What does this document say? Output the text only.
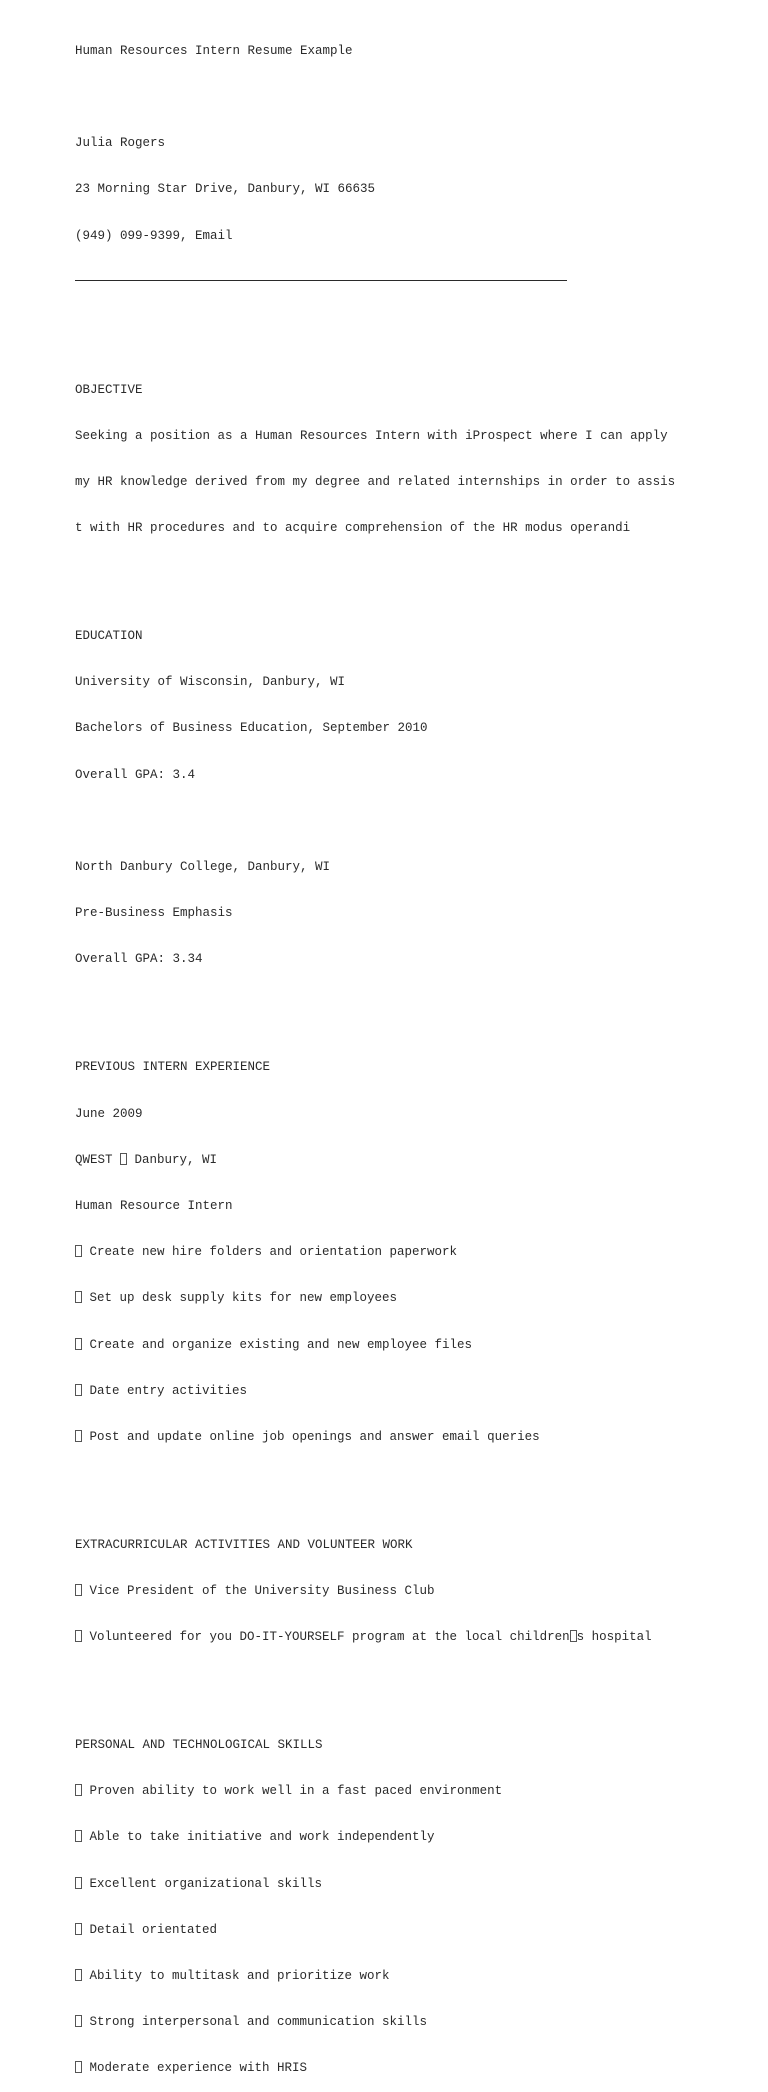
Human Resources Intern Resume Example

Julia Rogers

23 Morning Star Drive, Danbury, WI 66635

(949) 099-9399, Email

OBJECTIVE

Seeking a position as a Human Resources Intern with iProspect where I can apply

my HR knowledge derived from my degree and related internships in order to assis

t with HR procedures and to acquire comprehension of the HR modus operandi

EDUCATION

University of Wisconsin, Danbury, WI

Bachelors of Business Education, September 2010

Overall GPA: 3.4

North Danbury College, Danbury, WI

Pre-Business Emphasis

Overall GPA: 3.34

PREVIOUS INTERN EXPERIENCE

June 2009

QWEST Danbury, WI

Human Resource Intern

Create new hire folders and orientation paperwork

Set up desk supply kits for new employees

Create and organize existing and new employee files

Date entry activities

Post and update online job openings and answer email queries

EXTRACURRICULAR ACTIVITIES AND VOLUNTEER WORK

Vice President of the University Business Club

Volunteered for you DO-IT-YOURSELF program at the local children s hospital

PERSONAL AND TECHNOLOGICAL SKILLS

Proven ability to work well in a fast paced environment

Able to take initiative and work independently

Excellent organizational skills

Detail orientated

Ability to multitask and prioritize work

Strong interpersonal and communication skills

Moderate experience with HRIS
